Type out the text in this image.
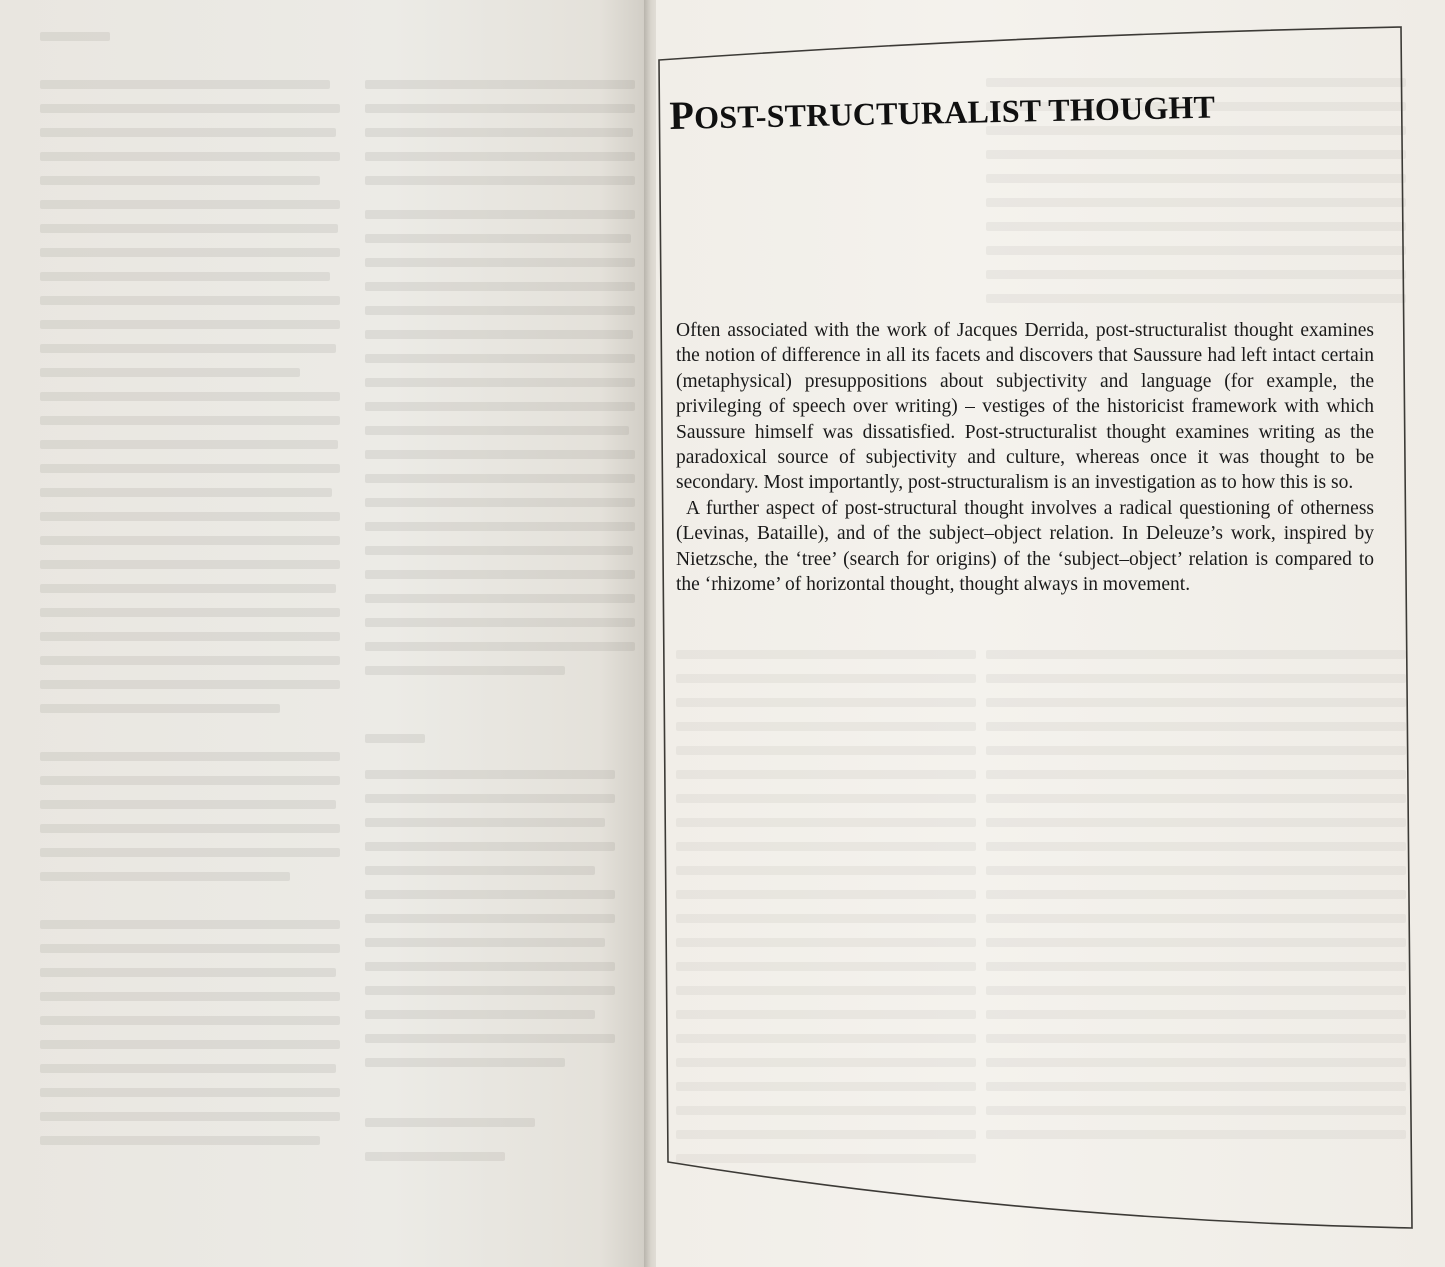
POST-STRUCTURALIST THOUGHT

Often associated with the work of Jacques Derrida, post-structuralist thought examines the notion of difference in all its facets and discovers that Saussure had left intact certain (metaphysical) presuppositions about subjectivity and language (for example, the privileging of speech over writing) – vestiges of the historicist framework with which Saussure himself was dissatisfied. Post-structuralist thought examines writing as the paradoxical source of subjectivity and culture, whereas once it was thought to be secondary. Most importantly, post-structuralism is an investigation as to how this is so.

A further aspect of post-structural thought involves a radical questioning of otherness (Levinas, Bataille), and of the subject–object relation. In Deleuze’s work, inspired by Nietzsche, the ‘tree’ (search for origins) of the ‘subject–object’ relation is compared to the ‘rhizome’ of horizontal thought, thought always in movement.
